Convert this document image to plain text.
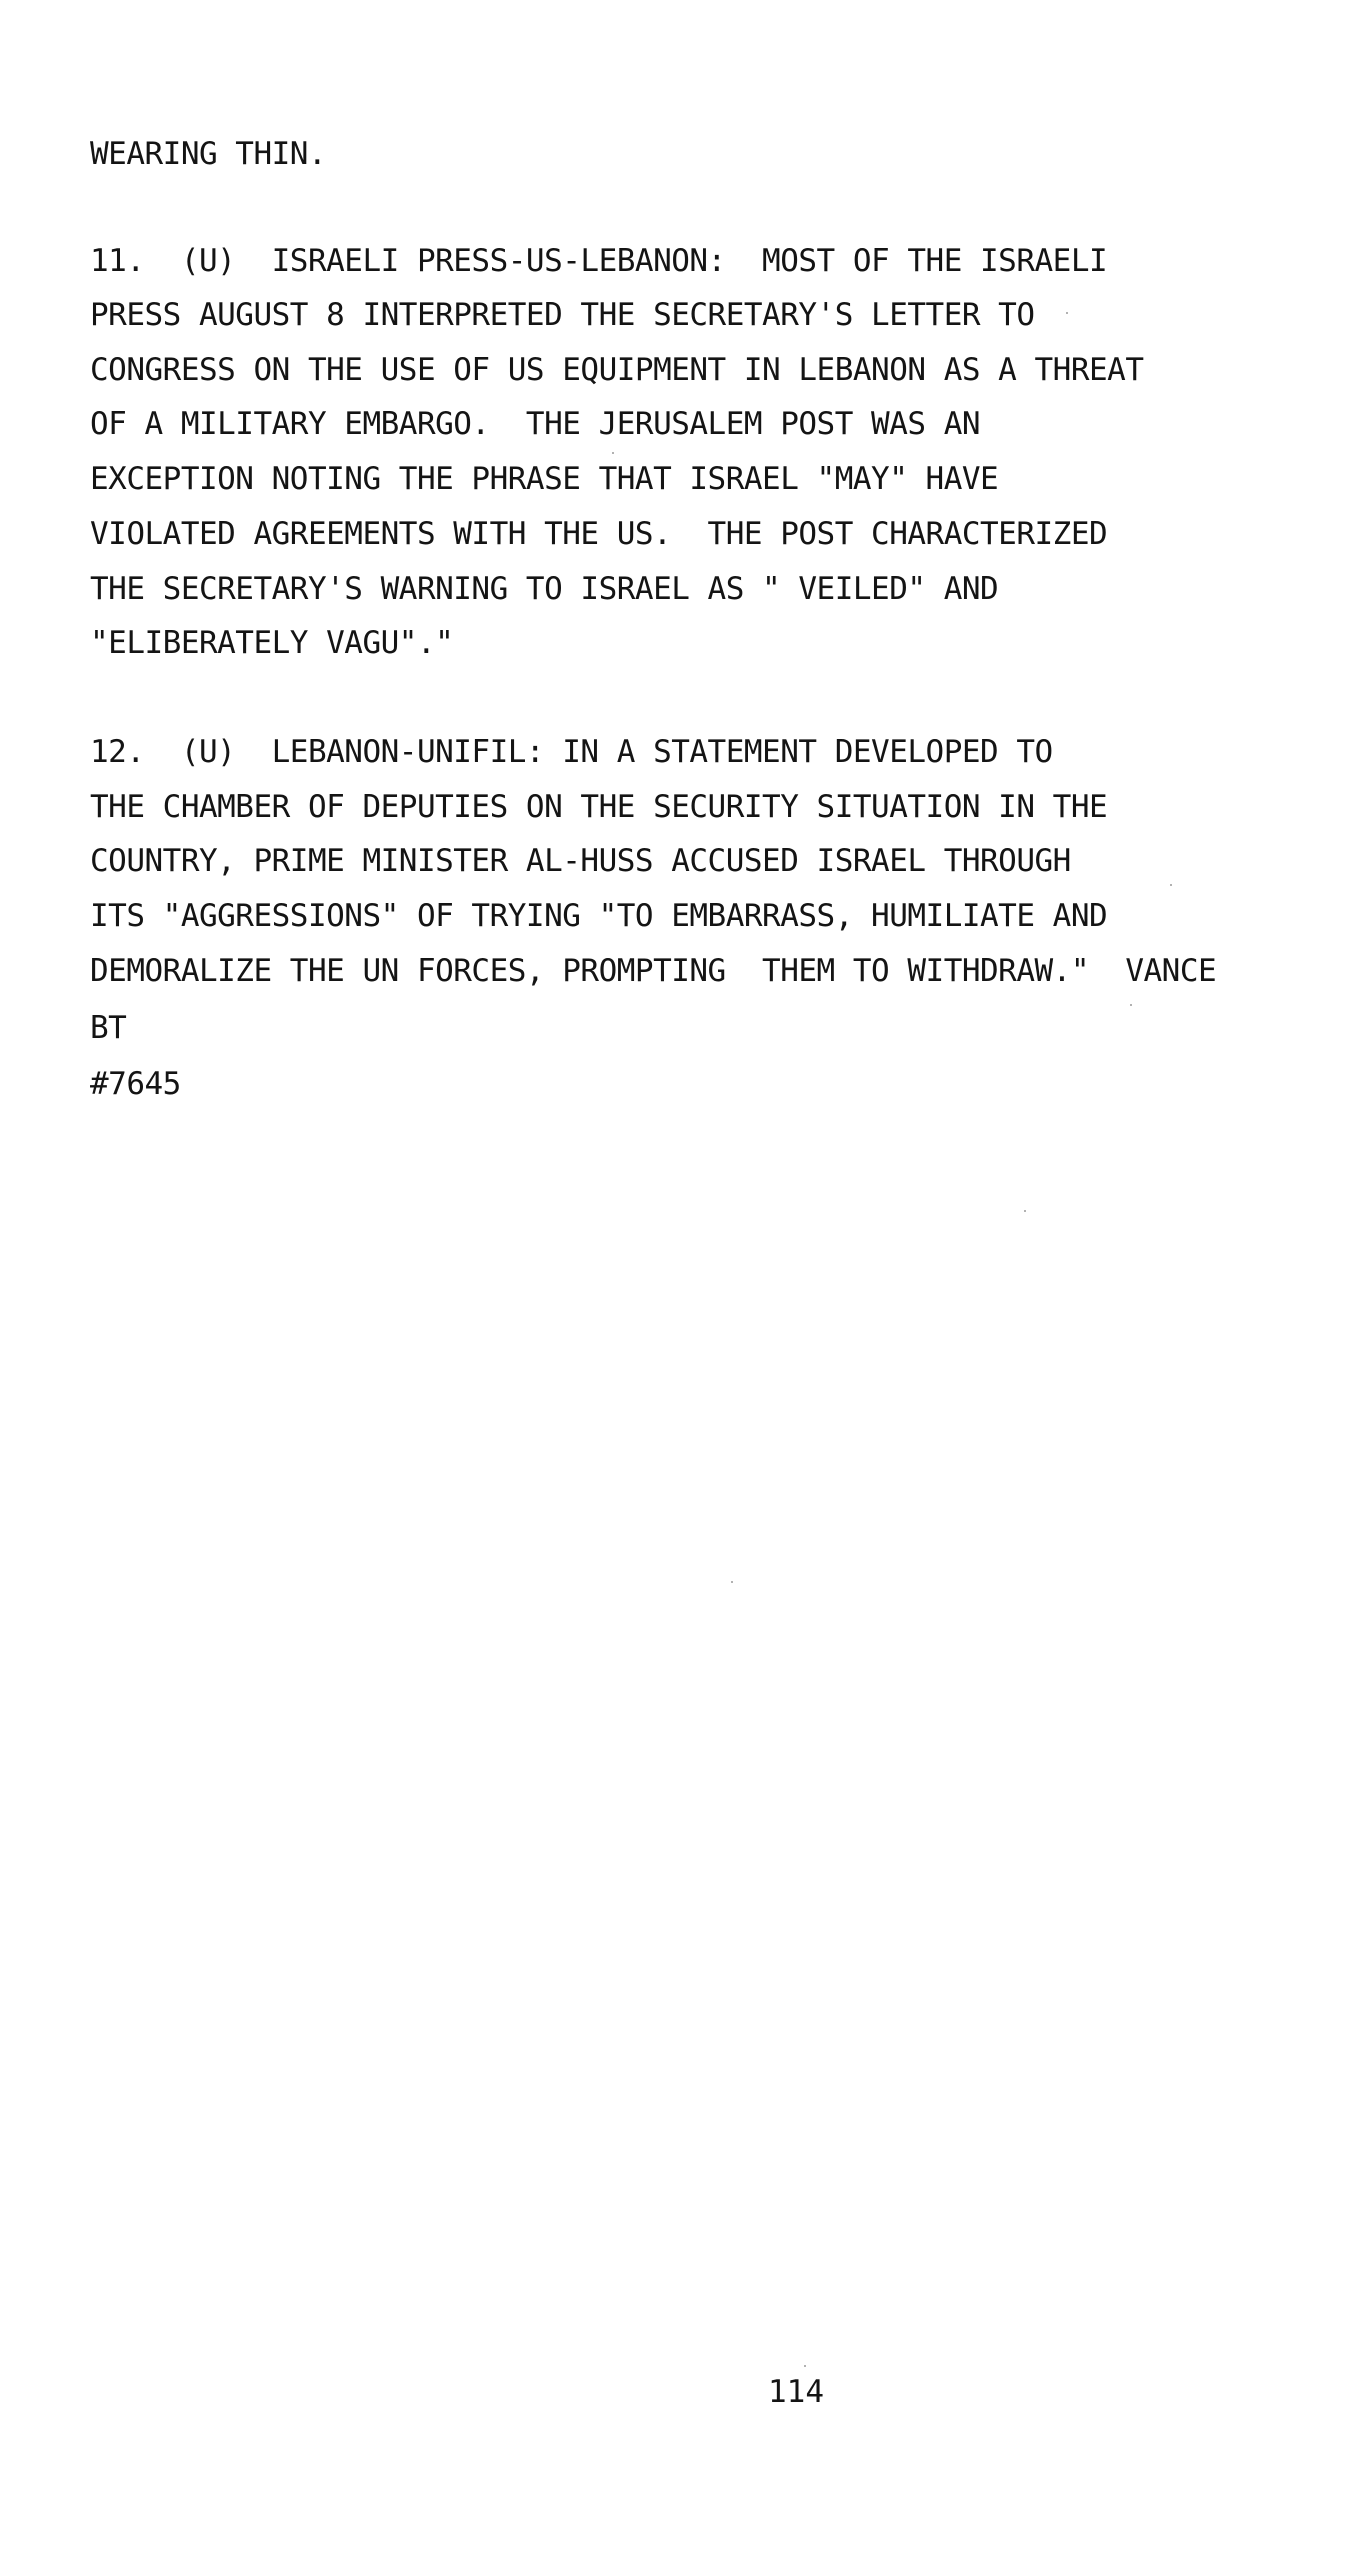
WEARING THIN.

11.  (U)  ISRAELI PRESS-US-LEBANON:  MOST OF THE ISRAELI

PRESS AUGUST 8 INTERPRETED THE SECRETARY'S LETTER TO

CONGRESS ON THE USE OF US EQUIPMENT IN LEBANON AS A THREAT

OF A MILITARY EMBARGO.  THE JERUSALEM POST WAS AN

EXCEPTION NOTING THE PHRASE THAT ISRAEL "MAY" HAVE

VIOLATED AGREEMENTS WITH THE US.  THE POST CHARACTERIZED

THE SECRETARY'S WARNING TO ISRAEL AS " VEILED" AND

"ELIBERATELY VAGU"."

12.  (U)  LEBANON-UNIFIL: IN A STATEMENT DEVELOPED TO

THE CHAMBER OF DEPUTIES ON THE SECURITY SITUATION IN THE

COUNTRY, PRIME MINISTER AL-HUSS ACCUSED ISRAEL THROUGH

ITS "AGGRESSIONS" OF TRYING "TO EMBARRASS, HUMILIATE AND

DEMORALIZE THE UN FORCES, PROMPTING  THEM TO WITHDRAW."  VANCE

BT

#7645

114
